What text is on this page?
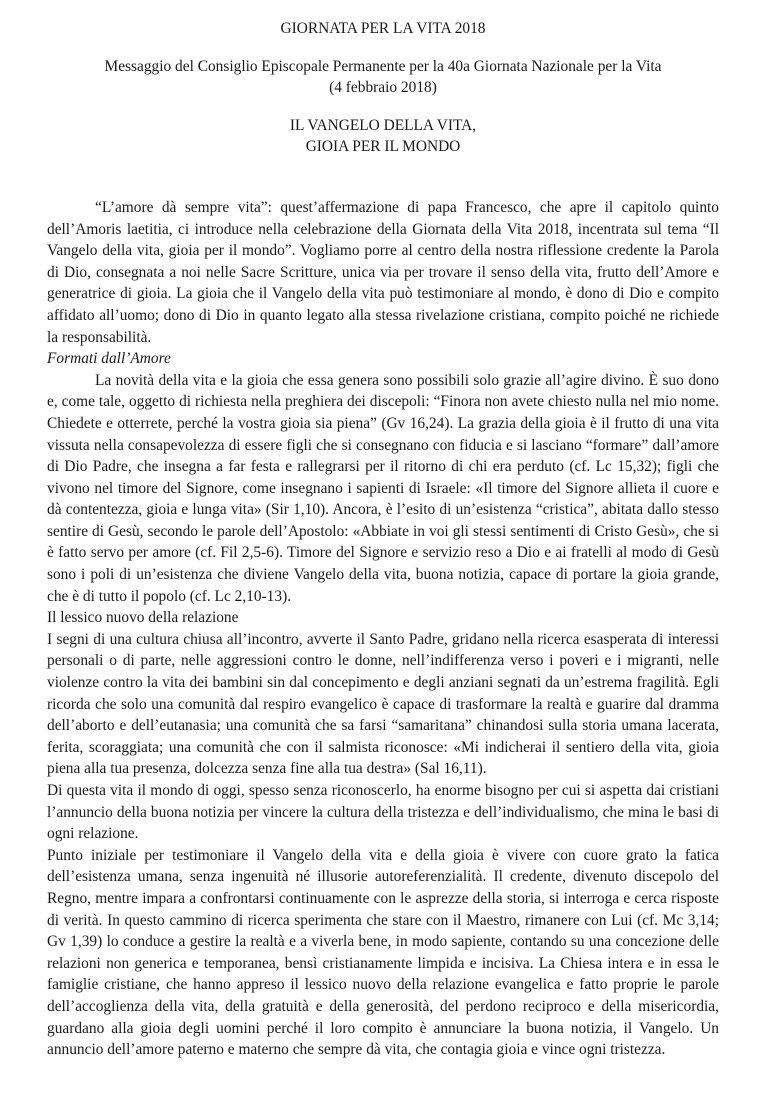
GIORNATA PER LA VITA 2018
Messaggio del Consiglio Episcopale Permanente per la 40a Giornata Nazionale per la Vita
(4 febbraio 2018)
IL VANGELO DELLA VITA,
GIOIA PER IL MONDO

“L’amore dà sempre vita”: quest’affermazione di papa Francesco, che apre il capitolo quinto dell’Amoris laetitia, ci introduce nella celebrazione della Giornata della Vita 2018, incentrata sul tema “Il Vangelo della vita, gioia per il mondo”. Vogliamo porre al centro della nostra riflessione credente la Parola di Dio, consegnata a noi nelle Sacre Scritture, unica via per trovare il senso della vita, frutto dell’Amore e generatrice di gioia. La gioia che il Vangelo della vita può testimoniare al mondo, è dono di Dio e compito affidato all’uomo; dono di Dio in quanto legato alla stessa rivelazione cristiana, compito poiché ne richiede la responsabilità.

Formati dall’Amore

La novità della vita e la gioia che essa genera sono possibili solo grazie all’agire divino. È suo dono e, come tale, oggetto di richiesta nella preghiera dei discepoli: “Finora non avete chiesto nulla nel mio nome. Chiedete e otterrete, perché la vostra gioia sia piena” (Gv 16,24). La grazia della gioia è il frutto di una vita vissuta nella consapevolezza di essere figli che si consegnano con fiducia e si lasciano “formare” dall’amore di Dio Padre, che insegna a far festa e rallegrarsi per il ritorno di chi era perduto (cf. Lc 15,32); figli che vivono nel timore del Signore, come insegnano i sapienti di Israele: «Il timore del Signore allieta il cuore e dà contentezza, gioia e lunga vita» (Sir 1,10). Ancora, è l’esito di un’esistenza “cristica”, abitata dallo stesso sentire di Gesù, secondo le parole dell’Apostolo: «Abbiate in voi gli stessi sentimenti di Cristo Gesù», che si è fatto servo per amore (cf. Fil 2,5-6). Timore del Signore e servizio reso a Dio e ai fratelli al modo di Gesù sono i poli di un’esistenza che diviene Vangelo della vita, buona notizia, capace di portare la gioia grande, che è di tutto il popolo (cf. Lc 2,10-13).

Il lessico nuovo della relazione

I segni di una cultura chiusa all’incontro, avverte il Santo Padre, gridano nella ricerca esasperata di interessi personali o di parte, nelle aggressioni contro le donne, nell’indifferenza verso i poveri e i migranti, nelle violenze contro la vita dei bambini sin dal concepimento e degli anziani segnati da un’estrema fragilità. Egli ricorda che solo una comunità dal respiro evangelico è capace di trasformare la realtà e guarire dal dramma dell’aborto e dell’eutanasia; una comunità che sa farsi “samaritana” chinandosi sulla storia umana lacerata, ferita, scoraggiata; una comunità che con il salmista riconosce: «Mi indicherai il sentiero della vita, gioia piena alla tua presenza, dolcezza senza fine alla tua destra» (Sal 16,11).

Di questa vita il mondo di oggi, spesso senza riconoscerlo, ha enorme bisogno per cui si aspetta dai cristiani l’annuncio della buona notizia per vincere la cultura della tristezza e dell’individualismo, che mina le basi di ogni relazione.

Punto iniziale per testimoniare il Vangelo della vita e della gioia è vivere con cuore grato la fatica dell’esistenza umana, senza ingenuità né illusorie autoreferenzialità. Il credente, divenuto discepolo del Regno, mentre impara a confrontarsi continuamente con le asprezze della storia, si interroga e cerca risposte di verità. In questo cammino di ricerca sperimenta che stare con il Maestro, rimanere con Lui (cf. Mc 3,14; Gv 1,39) lo conduce a gestire la realtà e a viverla bene, in modo sapiente, contando su una concezione delle relazioni non generica e temporanea, bensì cristianamente limpida e incisiva. La Chiesa intera e in essa le famiglie cristiane, che hanno appreso il lessico nuovo della relazione evangelica e fatto proprie le parole dell’accoglienza della vita, della gratuità e della generosità, del perdono reciproco e della misericordia, guardano alla gioia degli uomini perché il loro compito è annunciare la buona notizia, il Vangelo. Un annuncio dell’amore paterno e materno che sempre dà vita, che contagia gioia e vince ogni tristezza.
